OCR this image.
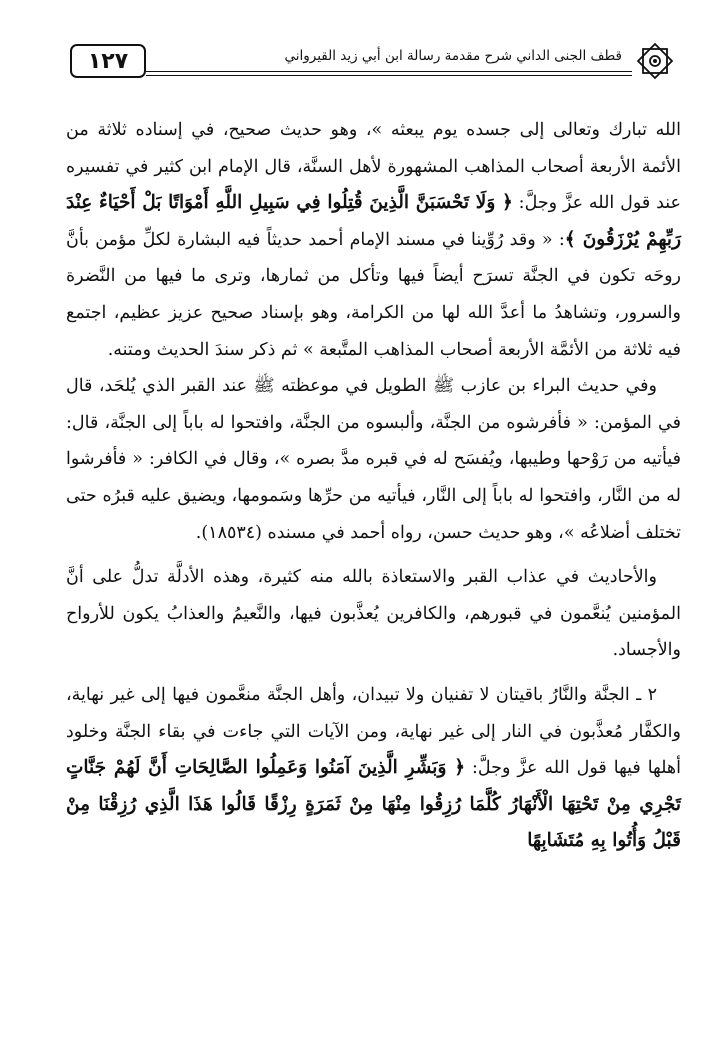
١٢٧	قطف الجنى الداني شرح مقدمة رسالة ابن أبي زيد القيرواني

الله تبارك وتعالى إلى جسده يوم يبعثه »، وهو حديث صحيح، في إسناده ثلاثة من الأئمة الأربعة أصحاب المذاهب المشهورة لأهل السنَّة، قال الإمام ابن كثير في تفسيره عند قول الله عزَّ وجلَّ: ﴿ وَلَا تَحْسَبَنَّ الَّذِينَ قُتِلُوا فِي سَبِيلِ اللَّهِ أَمْوَاتًا بَلْ أَحْيَاءٌ عِنْدَ رَبِّهِمْ يُرْزَقُونَ ﴾: « وقد رُوِّينا في مسند الإمام أحمد حديثاً فيه البشارة لكلِّ مؤمن بأنَّ روحَه تكون في الجنَّة تسرَح أيضاً فيها وتأكل من ثمارها، وترى ما فيها من النَّضرة والسرور، وتشاهدُ ما أعدَّ الله لها من الكرامة، وهو بإسناد صحيح عزيز عظيم، اجتمع فيه ثلاثة من الأئمَّة الأربعة أصحاب المذاهب المتَّبعة » ثم ذكر سندَ الحديث ومتنه.

وفي حديث البراء بن عازب ﷺ الطويل في موعظته ﷺ عند القبر الذي يُلحَد، قال في المؤمن: « فأفرشوه من الجنَّة، وألبسوه من الجنَّة، وافتحوا له باباً إلى الجنَّة، قال: فيأتيه من رَوْحها وطيبها، ويُفسَح له في قبره مدَّ بصره »، وقال في الكافر: « فأفرشوا له من النَّار، وافتحوا له باباً إلى النَّار، فيأتيه من حرِّها وسَمومها، ويضيق عليه قبرُه حتى تختلف أضلاعُه »، وهو حديث حسن، رواه أحمد في مسنده (١٨٥٣٤).

والأحاديث في عذاب القبر والاستعاذة بالله منه كثيرة، وهذه الأدلَّة تدلُّ على أنَّ المؤمنين يُنعَّمون في قبورهم، والكافرين يُعذَّبون فيها، والنَّعيمُ والعذابُ يكون للأرواح والأجساد.

٢ ـ الجنَّة والنَّارُ باقيتان لا تفنيان ولا تبيدان، وأهل الجنَّة منعَّمون فيها إلى غير نهاية، والكفَّار مُعذَّبون في النار إلى غير نهاية، ومن الآيات التي جاءت في بقاء الجنَّة وخلود أهلها فيها قول الله عزَّ وجلَّ: ﴿ وَبَشِّرِ الَّذِينَ آمَنُوا وَعَمِلُوا الصَّالِحَاتِ أَنَّ لَهُمْ جَنَّاتٍ تَجْرِي مِنْ تَحْتِهَا الْأَنْهَارُ كُلَّمَا رُزِقُوا مِنْهَا مِنْ ثَمَرَةٍ رِزْقًا قَالُوا هَذَا الَّذِي رُزِقْنَا مِنْ قَبْلُ وَأُتُوا بِهِ مُتَشَابِهًا
